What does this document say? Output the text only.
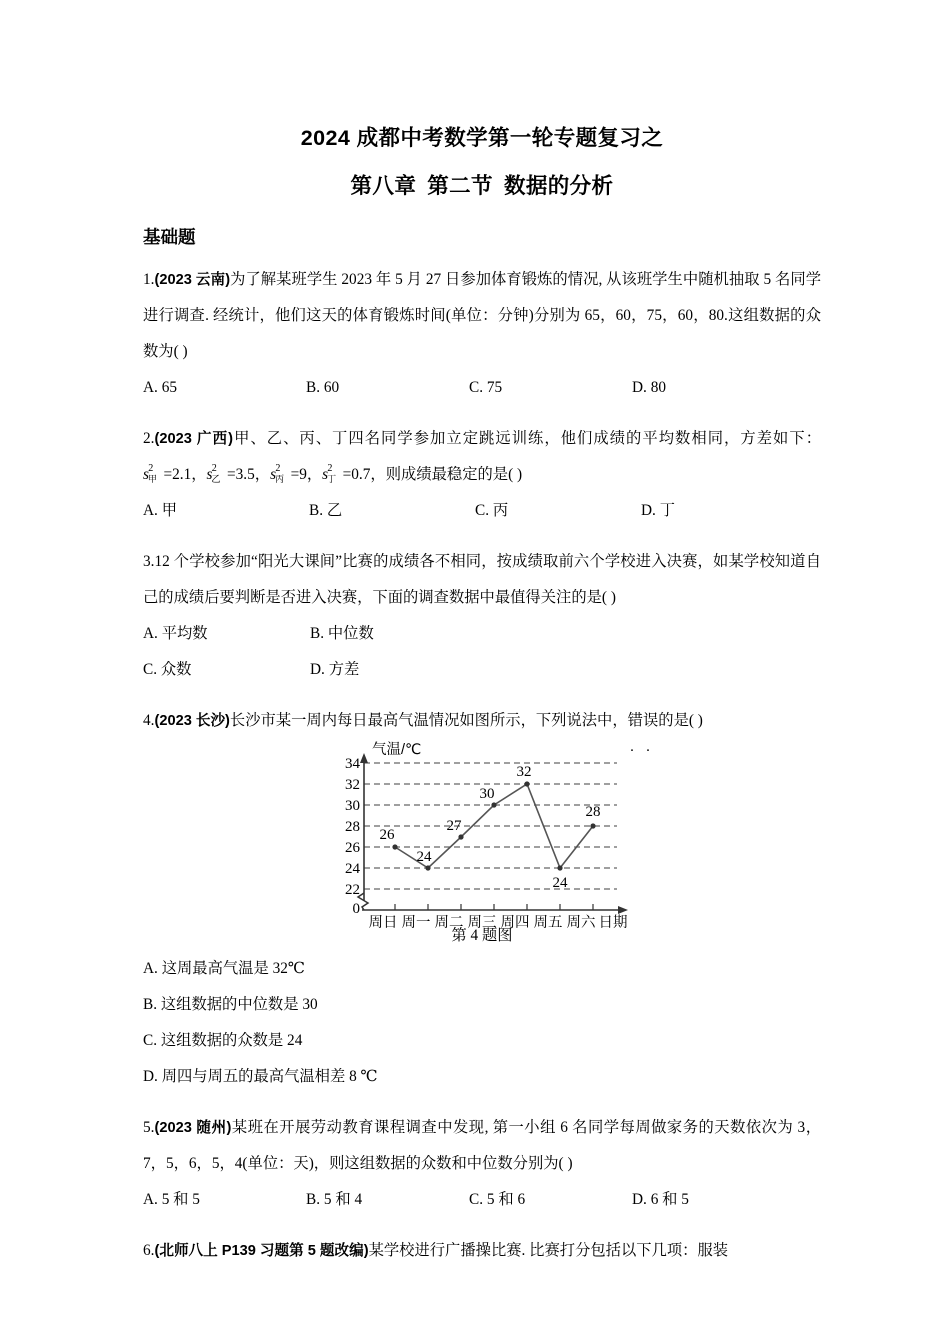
2024 成都中考数学第一轮专题复习之
第八章 第二节 数据的分析
基础题
1.(2023 云南)为了解某班学生 2023 年 5 月 27 日参加体育锻炼的情况, 从该班学生中随机抽取 5 名同学进行调查. 经统计，他们这天的体育锻炼时间(单位：分钟)分别为 65，60，75，60，80.这组数据的众数为( )
A. 65	B. 60	C. 75	D. 80
2.(2023 广西)甲、乙、丙、丁四名同学参加立定跳远训练，他们成绩的平均数相同，方差如下：s 2
甲 =2.1，s 2
乙 =3.5，s 2
丙 =9，s 2
丁 =0.7，则成绩最稳定的是( )
A. 甲	B. 乙	C. 丙	D. 丁
3.12 个学校参加“阳光大课间”比赛的成绩各不相同，按成绩取前六个学校进入决赛，如某学校知道自己的成绩后要判断是否进入决赛，下面的调查数据中最值得关注的是( )
A. 平均数	B. 中位数
C. 众数	D. 方差
4.(2023 长沙)长沙市某一周内每日最高气温情况如图所示，下列说法中，错误 ··的是( )
34
32
30
28
26
24
22
0
气温/℃
26
24
27
30
32
24
28
周日 周一 周二 周三 周四 周五 周六 日期
第 4 题图
A. 这周最高气温是 32℃
B. 这组数据的中位数是 30
C. 这组数据的众数是 24
D. 周四与周五的最高气温相差 8 ℃
5.(2023 随州)某班在开展劳动教育课程调查中发现, 第一小组 6 名同学每周做家务的天数依次为 3，7，5，6，5，4(单位：天)，则这组数据的众数和中位数分别为( )
A. 5 和 5	B. 5 和 4	C. 5 和 6	D. 6 和 5
6.(北师八上 P139 习题第 5 题改编)某学校进行广播操比赛. 比赛打分包括以下几项：服装
